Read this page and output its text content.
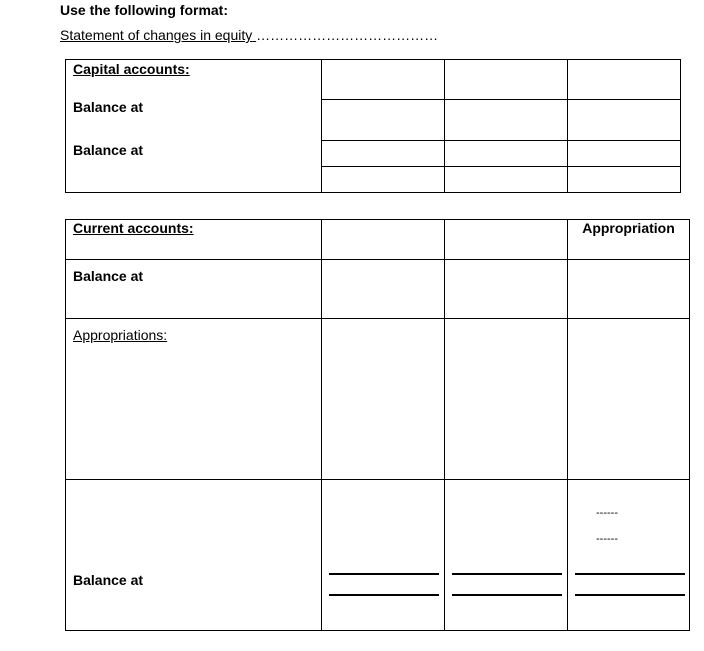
Use the following format:
Statement of changes in equity …………………………………
Capital accounts:
Balance at
Balance at
Current accounts:	Appropriation
Balance at
Appropriations:
Balance at
------
------
